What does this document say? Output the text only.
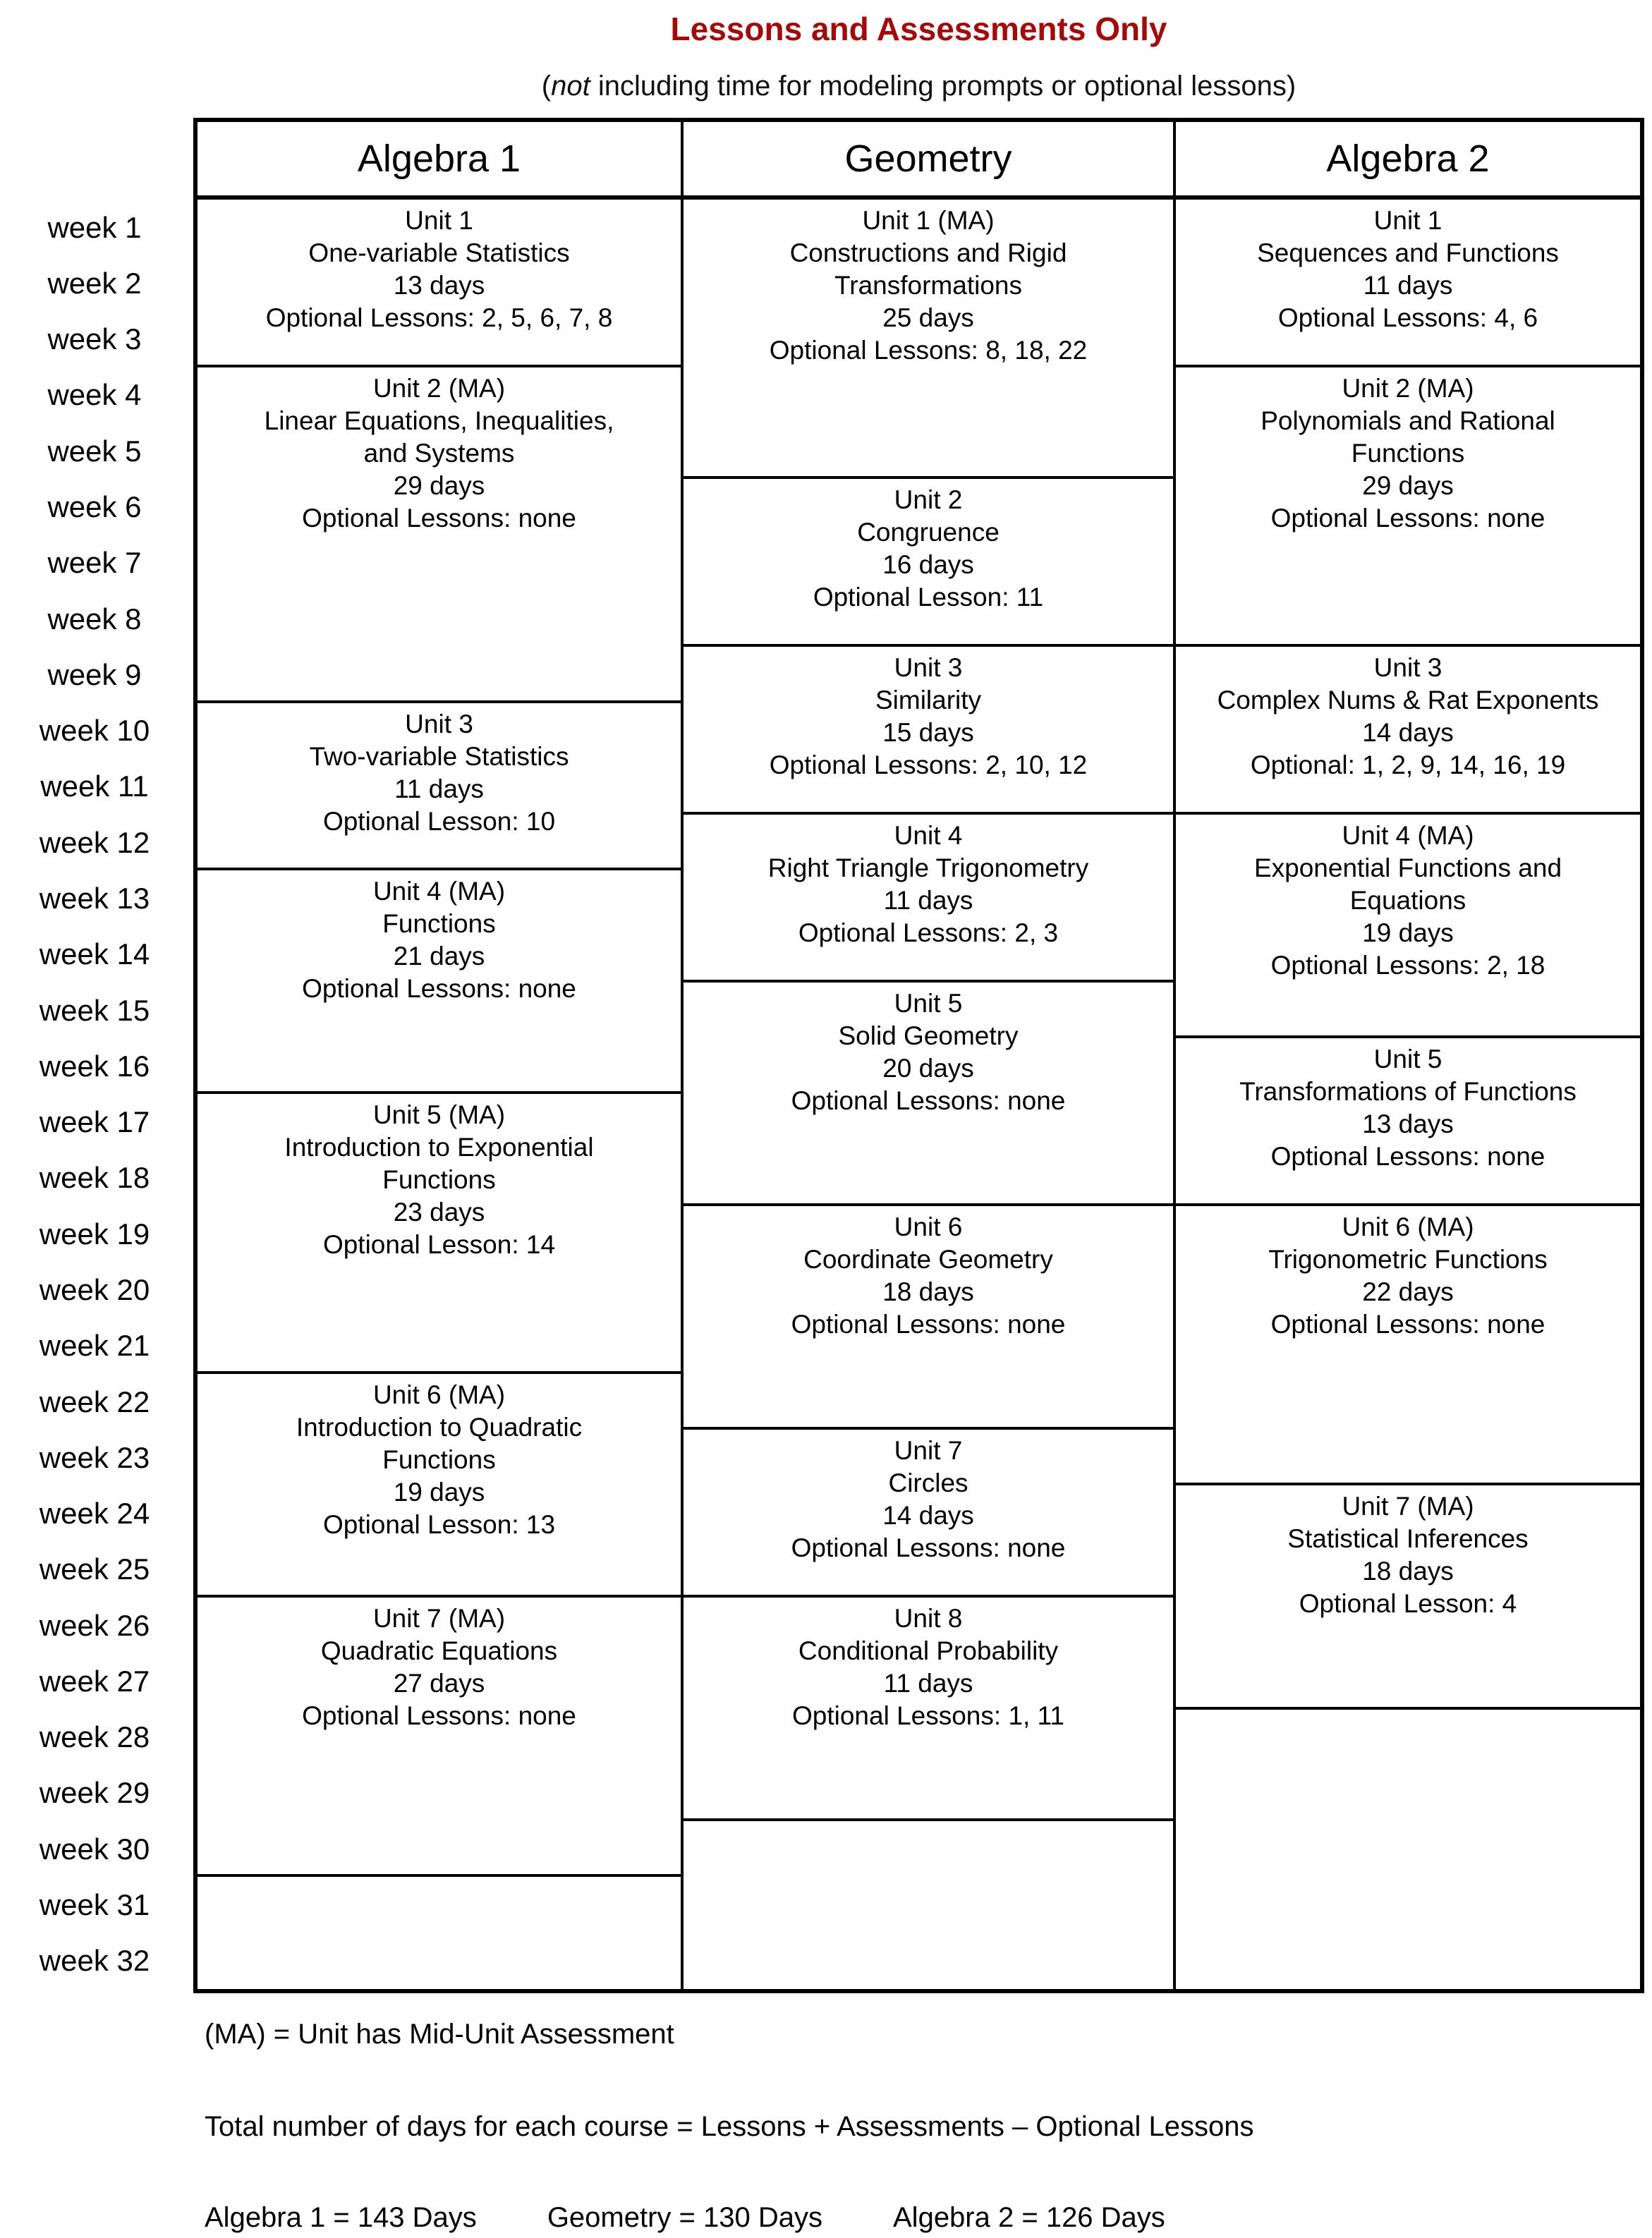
Lessons and Assessments Only
(not including time for modeling prompts or optional lessons)
week 1
week 2
week 3
week 4
week 5
week 6
week 7
week 8
week 9
week 10
week 11
week 12
week 13
week 14
week 15
week 16
week 17
week 18
week 19
week 20
week 21
week 22
week 23
week 24
week 25
week 26
week 27
week 28
week 29
week 30
week 31
week 32
Algebra 1
Unit 1
One-variable Statistics
13 days
Optional Lessons: 2, 5, 6, 7, 8
Unit 2 (MA)
Linear Equations, Inequalities, and Systems
29 days
Optional Lessons: none
Unit 3
Two-variable Statistics
11 days
Optional Lesson: 10
Unit 4 (MA)
Functions
21 days
Optional Lessons: none
Unit 5 (MA)
Introduction to Exponential Functions
23 days
Optional Lesson: 14
Unit 6 (MA)
Introduction to Quadratic Functions
19 days
Optional Lesson: 13
Unit 7 (MA)
Quadratic Equations
27 days
Optional Lessons: none
Geometry
Unit 1 (MA)
Constructions and Rigid Transformations
25 days
Optional Lessons: 8, 18, 22
Unit 2
Congruence
16 days
Optional Lesson: 11
Unit 3
Similarity
15 days
Optional Lessons: 2, 10, 12
Unit 4
Right Triangle Trigonometry
11 days
Optional Lessons: 2, 3
Unit 5
Solid Geometry
20 days
Optional Lessons: none
Unit 6
Coordinate Geometry
18 days
Optional Lessons: none
Unit 7
Circles
14 days
Optional Lessons: none
Unit 8
Conditional Probability
11 days
Optional Lessons: 1, 11
Algebra 2
Unit 1
Sequences and Functions
11 days
Optional Lessons: 4, 6
Unit 2 (MA)
Polynomials and Rational Functions
29 days
Optional Lessons: none
Unit 3
Complex Nums & Rat Exponents
14 days
Optional: 1, 2, 9, 14, 16, 19
Unit 4 (MA)
Exponential Functions and Equations
19 days
Optional Lessons: 2, 18
Unit 5
Transformations of Functions
13 days
Optional Lessons: none
Unit 6 (MA)
Trigonometric Functions
22 days
Optional Lessons: none
Unit 7 (MA)
Statistical Inferences
18 days
Optional Lesson: 4
(MA) = Unit has Mid-Unit Assessment
Total number of days for each course = Lessons + Assessments – Optional Lessons
Algebra 1 = 143 Days	Geometry = 130 Days	Algebra 2 = 126 Days
